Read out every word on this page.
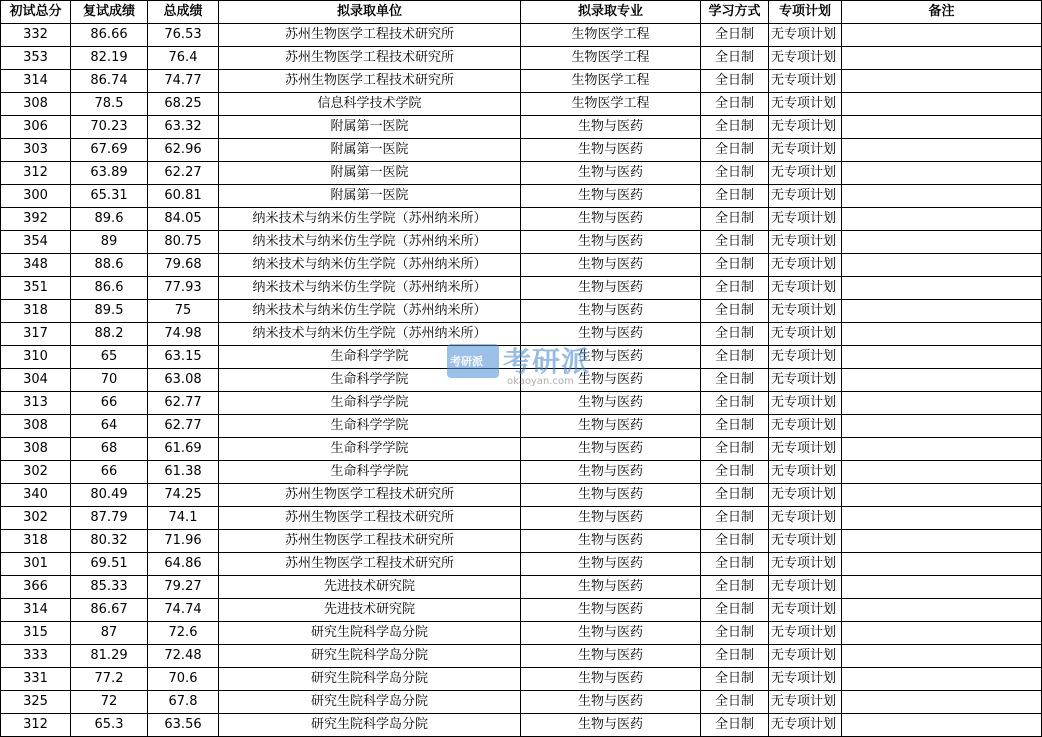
初试总分	复试成绩	总成绩	拟录取单位	拟录取专业	学习方式	专项计划	备注
332	86.66	76.53	苏州生物医学工程技术研究所	生物医学工程	全日制	无专项计划	
353	82.19	76.4	苏州生物医学工程技术研究所	生物医学工程	全日制	无专项计划	
314	86.74	74.77	苏州生物医学工程技术研究所	生物医学工程	全日制	无专项计划	
308	78.5	68.25	信息科学技术学院	生物医学工程	全日制	无专项计划	
306	70.23	63.32	附属第一医院	生物与医药	全日制	无专项计划	
303	67.69	62.96	附属第一医院	生物与医药	全日制	无专项计划	
312	63.89	62.27	附属第一医院	生物与医药	全日制	无专项计划	
300	65.31	60.81	附属第一医院	生物与医药	全日制	无专项计划	
392	89.6	84.05	纳米技术与纳米仿生学院（苏州纳米所）	生物与医药	全日制	无专项计划	
354	89	80.75	纳米技术与纳米仿生学院（苏州纳米所）	生物与医药	全日制	无专项计划	
348	88.6	79.68	纳米技术与纳米仿生学院（苏州纳米所）	生物与医药	全日制	无专项计划	
351	86.6	77.93	纳米技术与纳米仿生学院（苏州纳米所）	生物与医药	全日制	无专项计划	
318	89.5	75	纳米技术与纳米仿生学院（苏州纳米所）	生物与医药	全日制	无专项计划	
317	88.2	74.98	纳米技术与纳米仿生学院（苏州纳米所）	生物与医药	全日制	无专项计划	
310	65	63.15	生命科学学院	生物与医药	全日制	无专项计划	
304	70	63.08	生命科学学院	生物与医药	全日制	无专项计划	
313	66	62.77	生命科学学院	生物与医药	全日制	无专项计划	
308	64	62.77	生命科学学院	生物与医药	全日制	无专项计划	
308	68	61.69	生命科学学院	生物与医药	全日制	无专项计划	
302	66	61.38	生命科学学院	生物与医药	全日制	无专项计划	
340	80.49	74.25	苏州生物医学工程技术研究所	生物与医药	全日制	无专项计划	
302	87.79	74.1	苏州生物医学工程技术研究所	生物与医药	全日制	无专项计划	
318	80.32	71.96	苏州生物医学工程技术研究所	生物与医药	全日制	无专项计划	
301	69.51	64.86	苏州生物医学工程技术研究所	生物与医药	全日制	无专项计划	
366	85.33	79.27	先进技术研究院	生物与医药	全日制	无专项计划	
314	86.67	74.74	先进技术研究院	生物与医药	全日制	无专项计划	
315	87	72.6	研究生院科学岛分院	生物与医药	全日制	无专项计划	
333	81.29	72.48	研究生院科学岛分院	生物与医药	全日制	无专项计划	
331	77.2	70.6	研究生院科学岛分院	生物与医药	全日制	无专项计划	
325	72	67.8	研究生院科学岛分院	生物与医药	全日制	无专项计划	
312	65.3	63.56	研究生院科学岛分院	生物与医药	全日制	无专项计划	
考研派 考研派
okaoyan.com
